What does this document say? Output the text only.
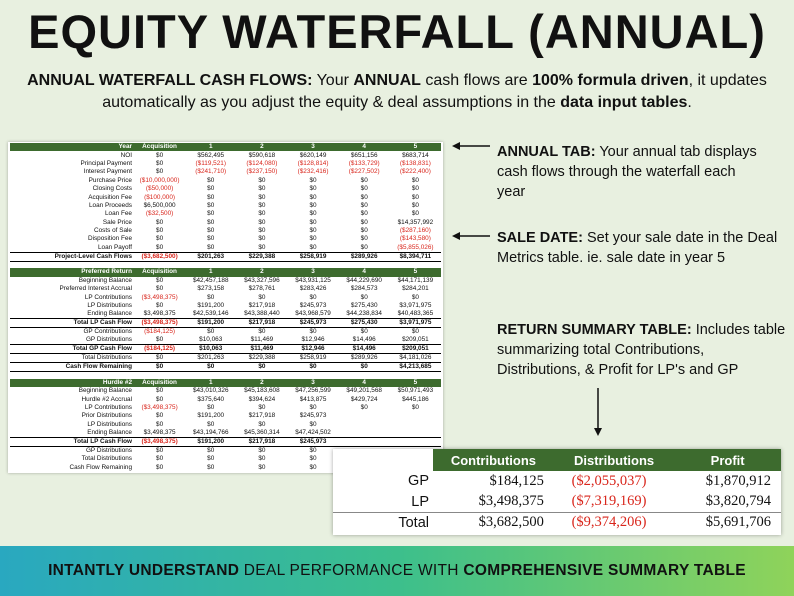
EQUITY WATERFALL (ANNUAL)
ANNUAL WATERFALL CASH FLOWS: Your ANNUAL cash flows are 100% formula driven, it updates automatically as you adjust the equity & deal assumptions in the data input tables.
Year	Acquisition	1	2	3	4	5
NOI	$0	$562,495	$590,618	$620,149	$651,156	$683,714
Principal Payment	$0	($119,521)	($124,080)	($128,814)	($133,729)	($138,831)
Interest Payment	$0	($241,710)	($237,150)	($232,416)	($227,502)	($222,400)
Purchase Price	($10,000,000)	$0	$0	$0	$0	$0
Closing Costs	($50,000)	$0	$0	$0	$0	$0
Acquisition Fee	($100,000)	$0	$0	$0	$0	$0
Loan Proceeds	$6,500,000	$0	$0	$0	$0	$0
Loan Fee	($32,500)	$0	$0	$0	$0	$0
Sale Price	$0	$0	$0	$0	$0	$14,357,992
Costs of Sale	$0	$0	$0	$0	$0	($287,160)
Disposition Fee	$0	$0	$0	$0	$0	($143,580)
Loan Payoff	$0	$0	$0	$0	$0	($5,855,026)
Project-Level Cash Flows	($3,682,500)	$201,263	$229,388	$258,919	$289,926	$8,394,711

Preferred Return	Acquisition	1	2	3	4	5
Beginning Balance	$0	$42,457,188	$43,327,596	$43,931,125	$44,229,690	$44,171,139
Preferred Interest Accrual	$0	$273,158	$278,761	$283,426	$284,573	$284,201
LP Contributions	($3,498,375)	$0	$0	$0	$0	$0
LP Distributions	$0	$191,200	$217,918	$245,973	$275,430	$3,971,975
Ending Balance	$3,498,375	$42,539,146	$43,388,440	$43,968,579	$44,238,834	$40,483,365
Total LP Cash Flow	($3,498,375)	$191,200	$217,918	$245,973	$275,430	$3,971,975
GP Contributions	($184,125)	$0	$0	$0	$0	$0
GP Distributions	$0	$10,063	$11,469	$12,946	$14,496	$209,051
Total GP Cash Flow	($184,125)	$10,063	$11,469	$12,946	$14,496	$209,051
Total Distributions	$0	$201,263	$229,388	$258,919	$289,926	$4,181,026
Cash Flow Remaining	$0	$0	$0	$0	$0	$4,213,685

Hurdle #2	Acquisition	1	2	3	4	5
Beginning Balance	$0	$43,010,326	$45,183,608	$47,256,599	$49,201,568	$50,971,493
Hurdle #2 Accrual	$0	$375,640	$394,624	$413,875	$429,724	$445,186
LP Contributions	($3,498,375)	$0	$0	$0	$0	$0
Prior Distributions	$0	$191,200	$217,918	$245,973		
LP Distributions	$0	$0	$0	$0		
Ending Balance	$3,498,375	$43,194,766	$45,360,314	$47,424,502		
Total LP Cash Flow	($3,498,375)	$191,200	$217,918	$245,973		
GP Distributions	$0	$0	$0	$0		
Total Distributions	$0	$0	$0	$0		
Cash Flow Remaining	$0	$0	$0	$0		
ANNUAL TAB: Your annual tab displays cash flows through the waterfall each year
SALE DATE: Set your sale date in the Deal Metrics table. ie. sale date in year 5
RETURN SUMMARY TABLE: Includes table summarizing total Contributions, Distributions, & Profit for LP's and GP
	Contributions	Distributions	Profit
GP	$184,125	($2,055,037)	$1,870,912
LP	$3,498,375	($7,319,169)	$3,820,794
Total	$3,682,500	($9,374,206)	$5,691,706
INTANTLY UNDERSTAND DEAL PERFORMANCE WITH COMPREHENSIVE SUMMARY TABLE
